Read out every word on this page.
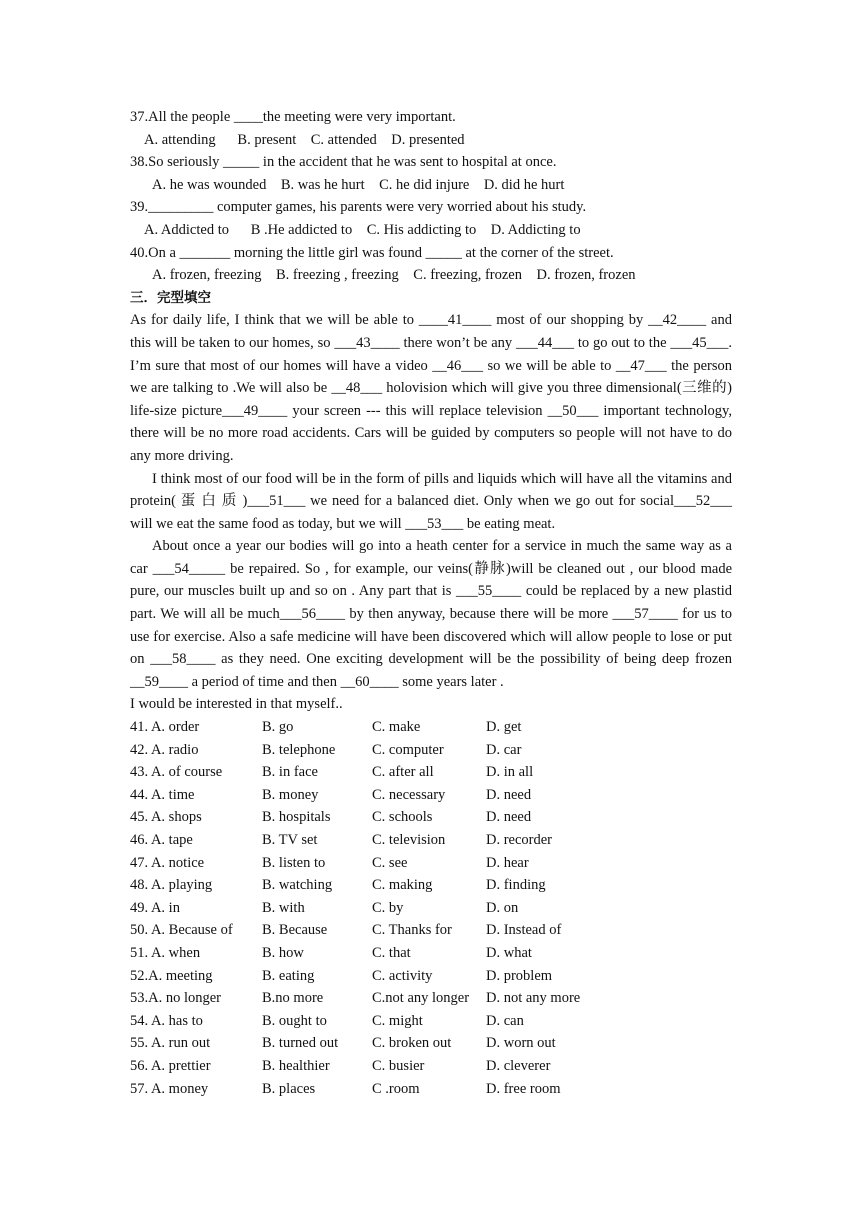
37.All the people ____the meeting were very important.
A. attending      B. present    C. attended    D. presented
38.So seriously _____ in the accident that he was sent to hospital at once.
A. he was wounded    B. was he hurt    C. he did injure    D. did he hurt
39._________ computer games, his parents were very worried about his study.
A. Addicted to      B .He addicted to    C. His addicting to    D. Addicting to
40.On a _______ morning the little girl was found _____ at the corner of the street.
A. frozen, freezing    B. freezing , freezing    C. freezing, frozen    D. frozen, frozen
三．完型填空

As for daily life, I think that we will be able to ____41____ most of our shopping by __42____ and this will be taken to our homes, so ___43____ there won’t be any ___44___ to go out to the ___45___. I’m sure that most of our homes will have a video __46___ so we will be able to __47___ the person we are talking to .We will also be __48___ holovision which will give you three dimensional(三维的) life-size picture___49____ your screen --- this will replace television __50___ important technology, there will be no more road accidents. Cars will be guided by computers so people will not have to do any more driving.

I think most of our food will be in the form of pills and liquids which will have all the vitamins and protein( 蛋 白 质 )___51___ we need for a balanced diet. Only when we go out for social___52___ will we eat the same food as today, but we will ___53___ be eating meat.

About once a year our bodies will go into a heath center for a service in much the same way as a car ___54_____ be repaired. So , for example, our veins(静脉)will be cleaned out , our blood made pure, our muscles built up and so on . Any part that is ___55____ could be replaced by a new plastid part. We will all be much___56____ by then anyway, because there will be more ___57____ for us to use for exercise. Also a safe medicine will have been discovered which will allow people to lose or put on ___58____ as they need. One exciting development will be the possibility of being deep frozen __59____ a period of time and then __60____ some years later .

I would be interested in that myself..
41. A. order	B. go	C. make	D. get
42. A. radio	B. telephone	C. computer	D. car
43. A. of course	B. in face	C. after all	D. in all
44. A. time	B. money	C. necessary	D. need
45. A. shops	B. hospitals	C. schools	D. need
46. A. tape	B. TV set	C. television	D. recorder
47. A. notice	B. listen to	C. see	D. hear
48. A. playing	B. watching	C. making	D. finding
49. A. in	B. with	C. by	D. on
50. A. Because of	B. Because	C. Thanks for	D. Instead of
51. A. when	B. how	C. that	D. what
52.A. meeting	B. eating	C. activity	D. problem
53.A. no longer	B.no more	C.not any longer	D. not any more
54. A. has to	B. ought to	C. might	D. can
55. A. run out	B. turned out	C. broken out	D. worn out
56. A. prettier	B. healthier	C. busier	D. cleverer
57. A. money	B. places	C .room	D. free room
